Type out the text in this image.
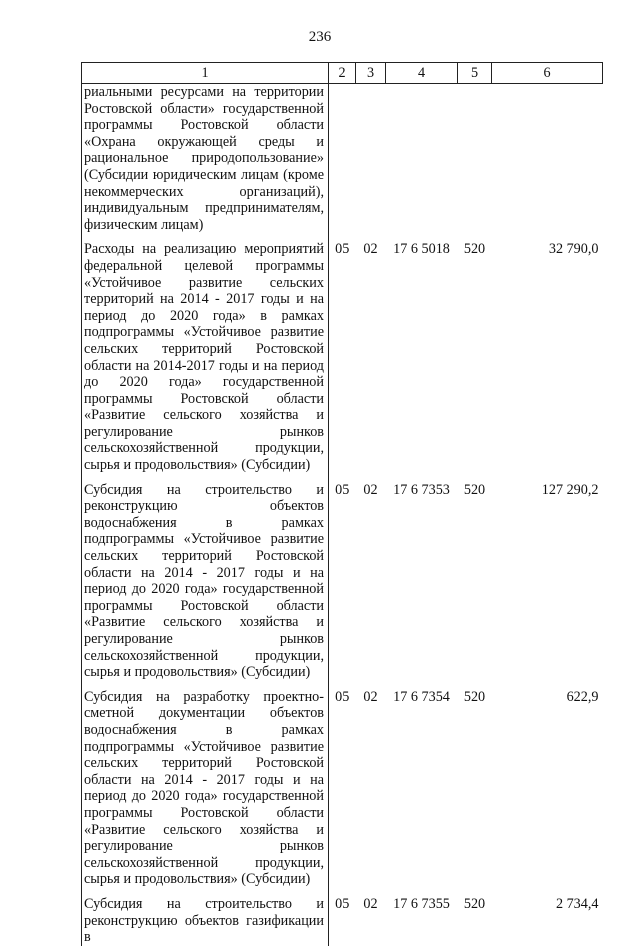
236
1	2	3	4	5	6
риальными ресурсами на территории Ростовской области» государственной программы Ростовской области «Охрана окружающей среды и рациональное природопользование» (Субсидии юридическим лицам (кроме некоммерческих организаций), индивидуальным предпринимателям, физическим лицам)					
Расходы на реализацию мероприятий федеральной целевой программы «Устойчивое развитие сельских территорий на 2014 - 2017 годы и на период до 2020 года» в рамках подпрограммы «Устойчивое развитие сельских территорий Ростовской области на 2014-2017 годы и на период до 2020 года» государственной программы Ростовской области «Развитие сельского хозяйства и регулирование рынков сельскохозяйственной продукции, сырья и продовольствия» (Субсидии)	05	02	17 6 5018	520	32 790,0
Субсидия на строительство и реконструкцию объектов водоснабжения в рамках подпрограммы «Устойчивое развитие сельских территорий Ростовской области на 2014 - 2017 годы и на период до 2020 года» государственной программы Ростовской области «Развитие сельского хозяйства и регулирование рынков сельскохозяйственной продукции, сырья и продовольствия» (Субсидии)	05	02	17 6 7353	520	127 290,2
Субсидия на разработку проектно-сметной документации объектов водоснабжения в рамках подпрограммы «Устойчивое развитие сельских территорий Ростовской области на 2014 - 2017 годы и на период до 2020 года» государственной программы Ростовской области «Развитие сельского хозяйства и регулирование рынков сельскохозяйственной продукции, сырья и продовольствия» (Субсидии)	05	02	17 6 7354	520	622,9
Субсидия на строительство и реконструкцию объектов газификации в	05	02	17 6 7355	520	2 734,4
